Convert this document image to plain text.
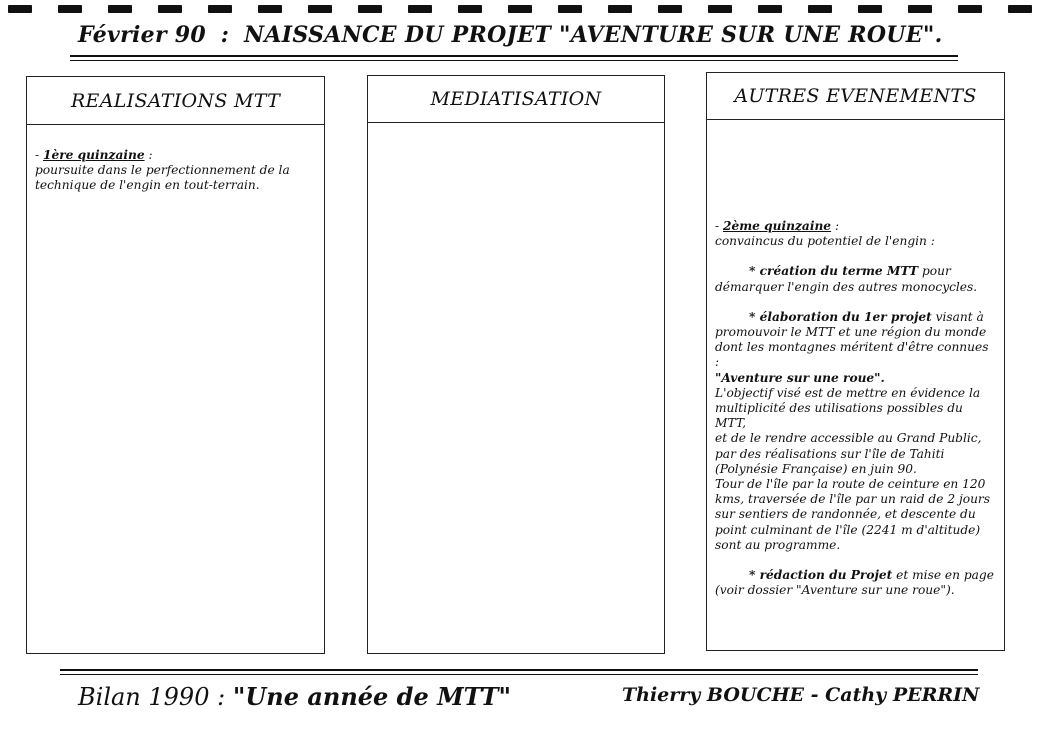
Février 90 : NAISSANCE DU PROJET "AVENTURE SUR UNE ROUE".
REALISATIONS MTT

- 1ère quinzaine :

poursuite dans le perfectionnement de la

technique de l'engin en tout-terrain.

MEDIATISATION	AUTRES EVENEMENTS

- 2ème quinzaine :

convaincus du potentiel de l'engin :

* création du terme MTT pour

démarquer l'engin des autres monocycles.

* élaboration du 1er projet visant à

promouvoir le MTT et une région du monde

dont les montagnes méritent d'être connues :

"Aventure sur une roue".

L'objectif visé est de mettre en évidence la

multiplicité des utilisations possibles du MTT,

et de le rendre accessible au Grand Public,

par des réalisations sur l'île de Tahiti

(Polynésie Française) en juin 90.

Tour de l'île par la route de ceinture en 120

kms, traversée de l'île par un raid de 2 jours

sur sentiers de randonnée, et descente du

point culminant de l'île (2241 m d'altitude)

sont au programme.

* rédaction du Projet et mise en page

(voir dossier "Aventure sur une roue").

Bilan 1990 : "Une année de MTT"	Thierry BOUCHE - Cathy PERRIN
